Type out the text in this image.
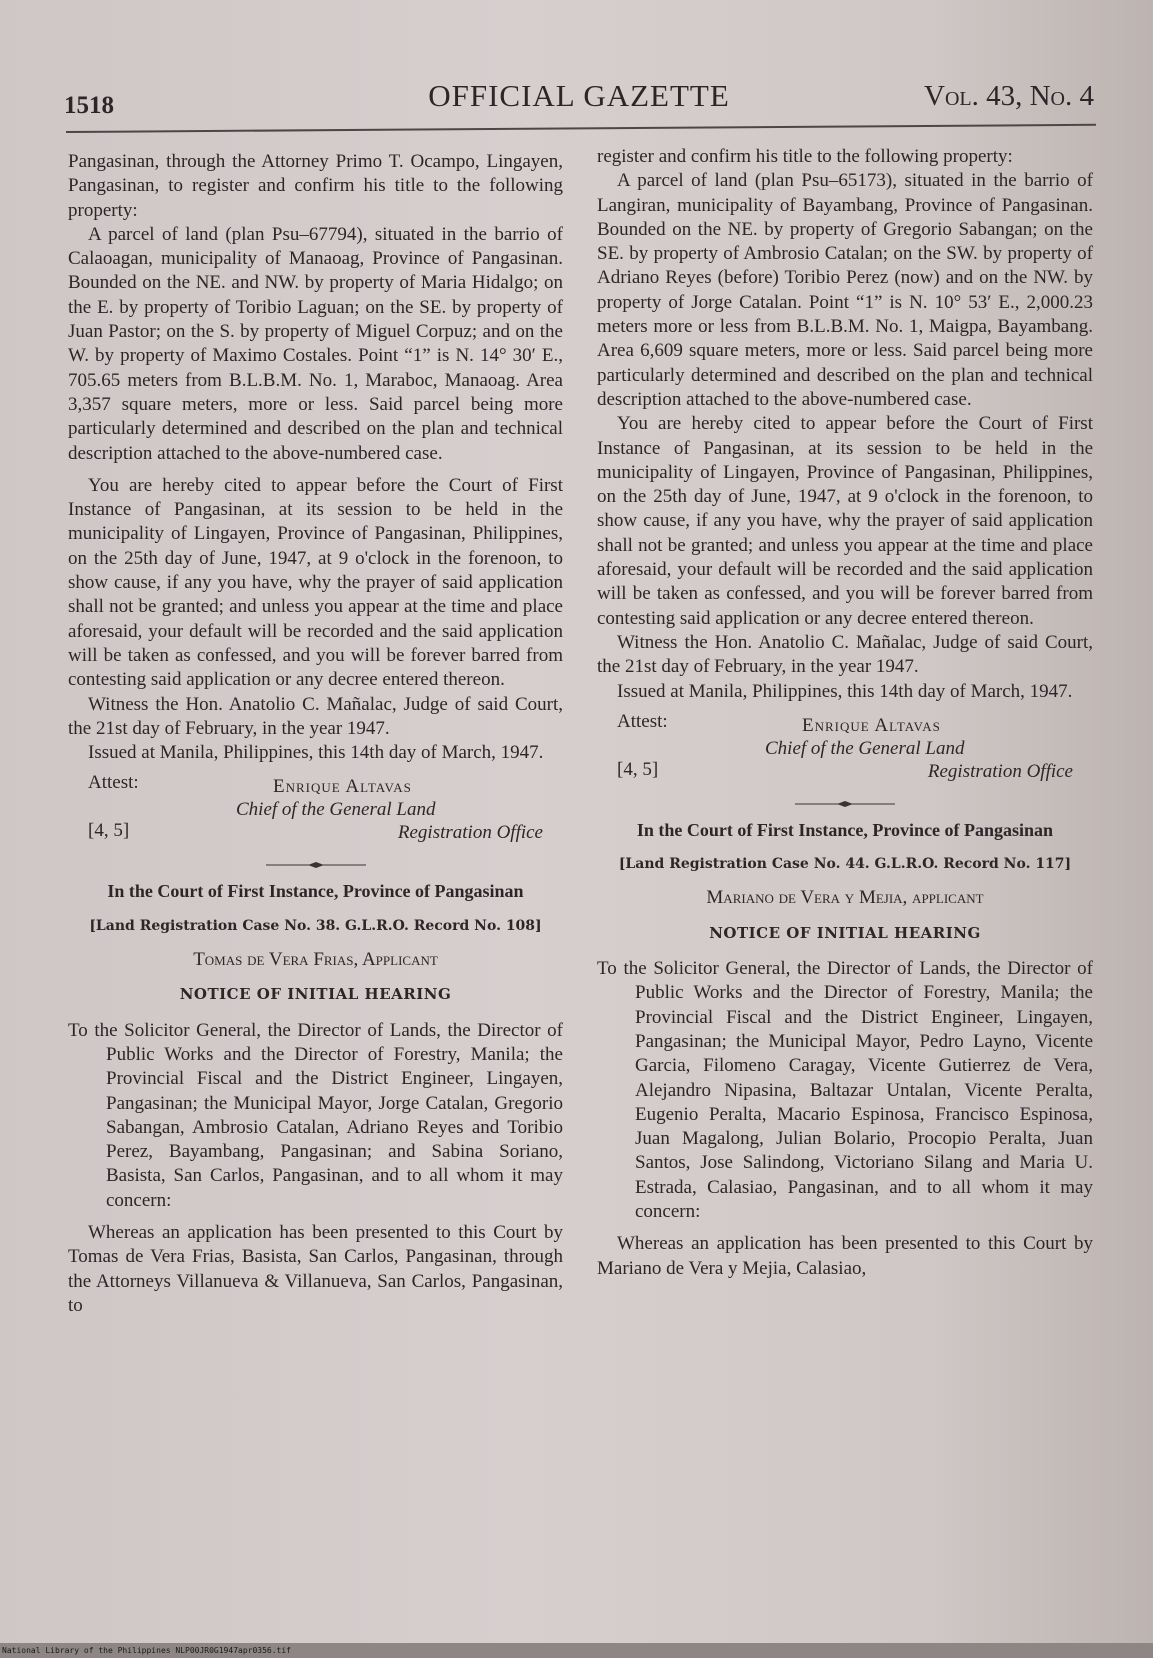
1518	OFFICIAL GAZETTE	Vol. 43, No. 4

Pangasinan, through the Attorney Primo T. Ocampo, Lingayen, Pangasinan, to register and confirm his title to the following property:

A parcel of land (plan Psu–67794), situated in the barrio of Calaoagan, municipality of Manaoag, Province of Pangasinan. Bounded on the NE. and NW. by property of Maria Hidalgo; on the E. by property of Toribio Laguan; on the SE. by property of Juan Pastor; on the S. by property of Miguel Corpuz; and on the W. by property of Maximo Costales. Point “1” is N. 14° 30′ E., 705.65 meters from B.L.B.M. No. 1, Maraboc, Manaoag. Area 3,357 square meters, more or less. Said parcel being more particularly determined and described on the plan and technical description attached to the above-numbered case.

You are hereby cited to appear before the Court of First Instance of Pangasinan, at its session to be held in the municipality of Lingayen, Province of Pangasinan, Philippines, on the 25th day of June, 1947, at 9 o'clock in the forenoon, to show cause, if any you have, why the prayer of said application shall not be granted; and unless you appear at the time and place aforesaid, your default will be recorded and the said application will be taken as confessed, and you will be forever barred from contesting said application or any decree entered thereon.

Witness the Hon. Anatolio C. Mañalac, Judge of said Court, the 21st day of February, in the year 1947.

Issued at Manila, Philippines, this 14th day of March, 1947.

Attest:	Enrique Altavas
Chief of the General Land
[4, 5]	Registration Office

In the Court of First Instance, Province of Pangasinan

[Land Registration Case No. 38. G.L.R.O. Record No. 108]

Tomas de Vera Frias, Applicant

NOTICE OF INITIAL HEARING

To the Solicitor General, the Director of Lands, the Director of Public Works and the Director of Forestry, Manila; the Provincial Fiscal and the District Engineer, Lingayen, Pangasinan; the Municipal Mayor, Jorge Catalan, Gregorio Sabangan, Ambrosio Catalan, Adriano Reyes and Toribio Perez, Bayambang, Pangasinan; and Sabina Soriano, Basista, San Carlos, Pangasinan, and to all whom it may concern:

Whereas an application has been presented to this Court by Tomas de Vera Frias, Basista, San Carlos, Pangasinan, through the Attorneys Villanueva & Villanueva, San Carlos, Pangasinan, to

register and confirm his title to the following property:

A parcel of land (plan Psu–65173), situated in the barrio of Langiran, municipality of Bayambang, Province of Pangasinan. Bounded on the NE. by property of Gregorio Sabangan; on the SE. by property of Ambrosio Catalan; on the SW. by property of Adriano Reyes (before) Toribio Perez (now) and on the NW. by property of Jorge Catalan. Point “1” is N. 10° 53′ E., 2,000.23 meters more or less from B.L.B.M. No. 1, Maigpa, Bayambang. Area 6,609 square meters, more or less. Said parcel being more particularly determined and described on the plan and technical description attached to the above-numbered case.

You are hereby cited to appear before the Court of First Instance of Pangasinan, at its session to be held in the municipality of Lingayen, Province of Pangasinan, Philippines, on the 25th day of June, 1947, at 9 o'clock in the forenoon, to show cause, if any you have, why the prayer of said application shall not be granted; and unless you appear at the time and place aforesaid, your default will be recorded and the said application will be taken as confessed, and you will be forever barred from contesting said application or any decree entered thereon.

Witness the Hon. Anatolio C. Mañalac, Judge of said Court, the 21st day of February, in the year 1947.

Issued at Manila, Philippines, this 14th day of March, 1947.

Attest:	Enrique Altavas
Chief of the General Land
[4, 5]	Registration Office

In the Court of First Instance, Province of Pangasinan

[Land Registration Case No. 44. G.L.R.O. Record No. 117]

Mariano de Vera y Mejia, applicant

NOTICE OF INITIAL HEARING

To the Solicitor General, the Director of Lands, the Director of Public Works and the Director of Forestry, Manila; the Provincial Fiscal and the District Engineer, Lingayen, Pangasinan; the Municipal Mayor, Pedro Layno, Vicente Garcia, Filomeno Caragay, Vicente Gutierrez de Vera, Alejandro Nipasina, Baltazar Untalan, Vicente Peralta, Eugenio Peralta, Macario Espinosa, Francisco Espinosa, Juan Magalong, Julian Bolario, Procopio Peralta, Juan Santos, Jose Salindong, Victoriano Silang and Maria U. Estrada, Calasiao, Pangasinan, and to all whom it may concern:

Whereas an application has been presented to this Court by Mariano de Vera y Mejia, Calasiao,

National Library of the Philippines NLP00JR0G1947apr0356.tif
